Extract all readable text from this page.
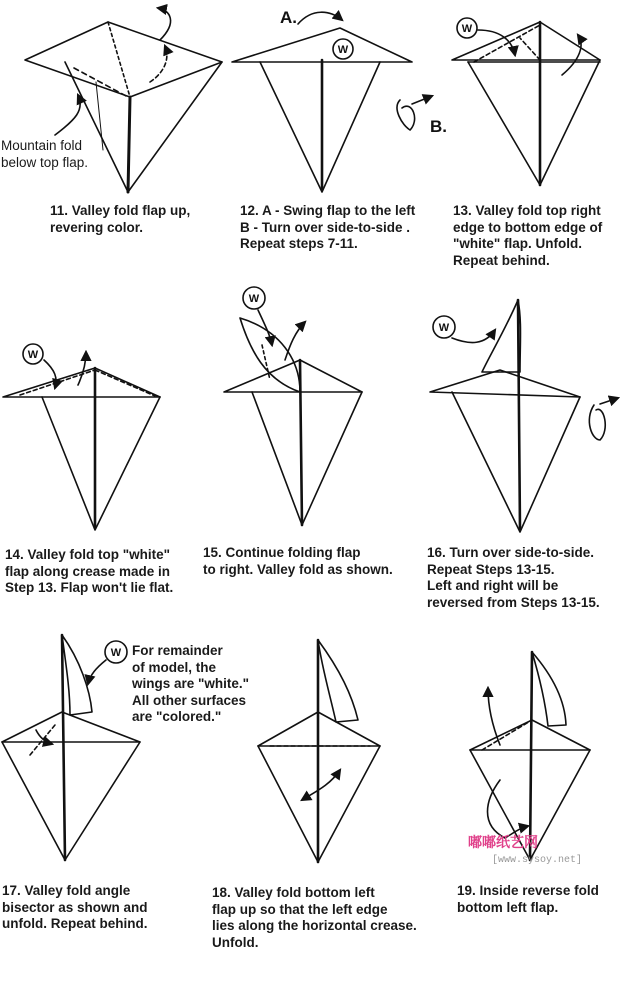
W
W
W
W
W
W
11. Valley fold flap up,
revering color.
12. A - Swing flap to the left
B - Turn over side-to-side .
Repeat steps 7-11.
13. Valley fold top right
edge to bottom edge of
"white" flap. Unfold.
Repeat behind.
14. Valley fold top "white"
flap along crease made in
Step 13. Flap won't lie flat.
15. Continue folding flap
to right. Valley fold as shown.
16. Turn over side-to-side.
Repeat Steps 13-15.
Left and right will be
reversed from Steps 13-15.
17. Valley fold angle
bisector as shown and
unfold. Repeat behind.
18. Valley fold bottom left
flap up so that the left edge
lies along the horizontal crease.
Unfold.
19. Inside reverse fold
bottom left flap.
Mountain fold
below top flap.
A.
B.
For remainder
of model, the
wings are "white."
All other surfaces
are "colored."
嘟嘟纸艺网
[www.sysoy.net]
